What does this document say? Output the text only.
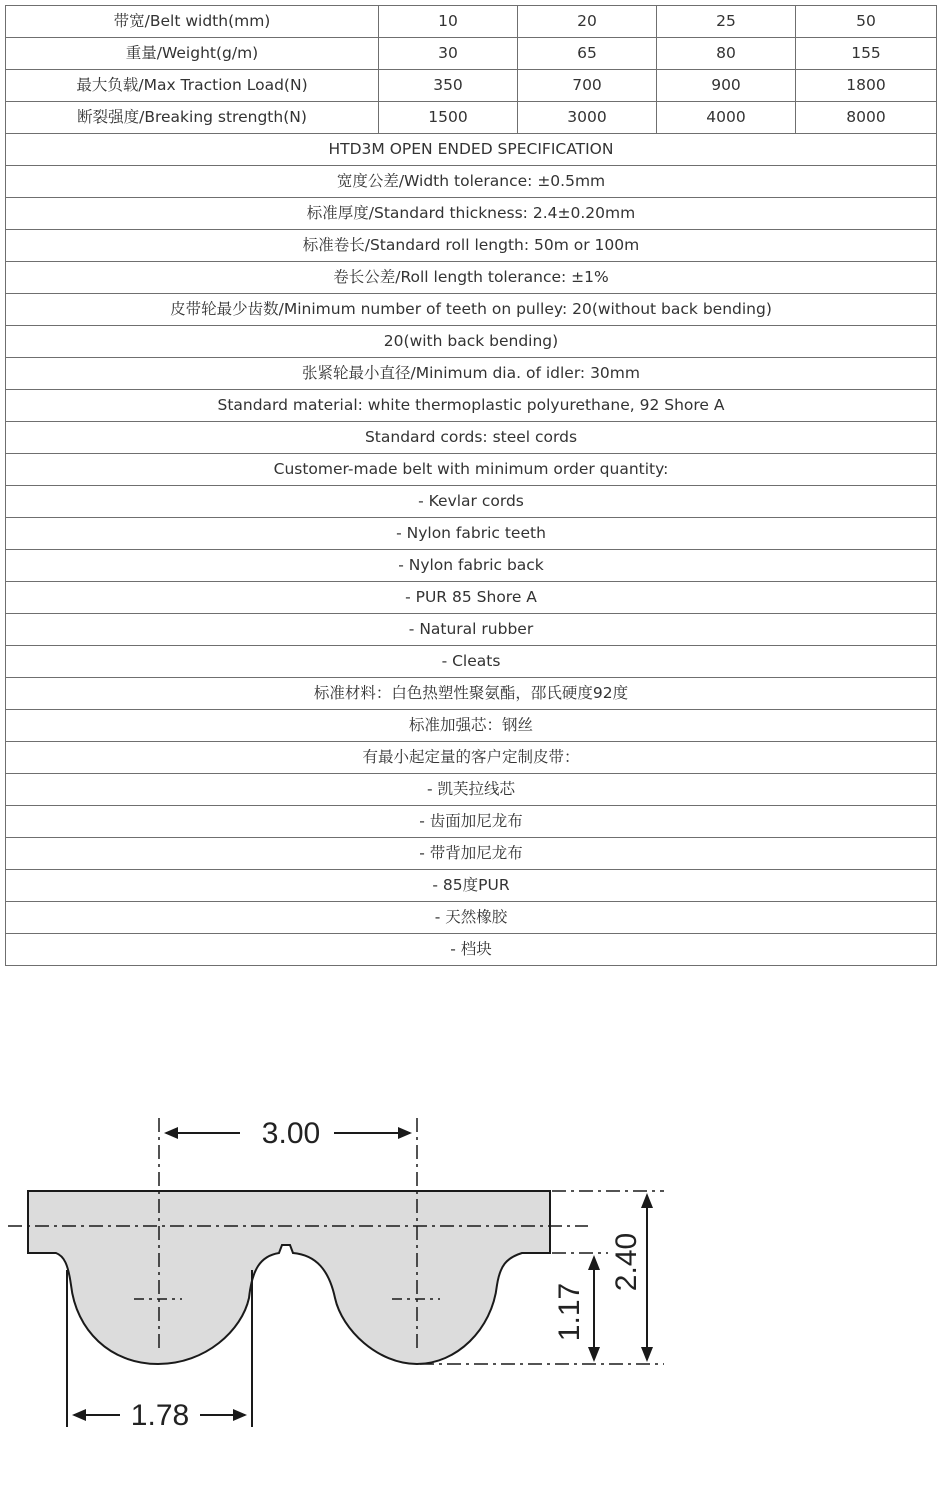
带宽/Belt width(mm)	10	20	25	50
重量/Weight(g/m)	30	65	80	155
最大负载/Max Traction Load(N)	350	700	900	1800
断裂强度/Breaking strength(N)	1500	3000	4000	8000
HTD3M OPEN ENDED SPECIFICATION				
宽度公差/Width tolerance: ±0.5mm				
标准厚度/Standard thickness: 2.4±0.20mm				
标准卷长/Standard roll length: 50m or 100m				
卷长公差/Roll length tolerance: ±1%				
皮带轮最少齿数/Minimum number of teeth on pulley: 20(without back bending)				
20(with back bending)				
张紧轮最小直径/Minimum dia. of idler: 30mm				
Standard material: white thermoplastic polyurethane, 92 Shore A				
Standard cords: steel cords				
Customer-made belt with minimum order quantity:				
- Kevlar cords				
- Nylon fabric teeth				
- Nylon fabric back				
- PUR 85 Shore A				
- Natural rubber				
- Cleats				
标准材料：白色热塑性聚氨酯，邵氏硬度92度				
标准加强芯：钢丝				
有最小起定量的客户定制皮带：				
- 凯芙拉线芯				
- 齿面加尼龙布				
- 带背加尼龙布				
- 85度PUR				
- 天然橡胶				
- 档块				
3.00
2.40
1.17
1.78
